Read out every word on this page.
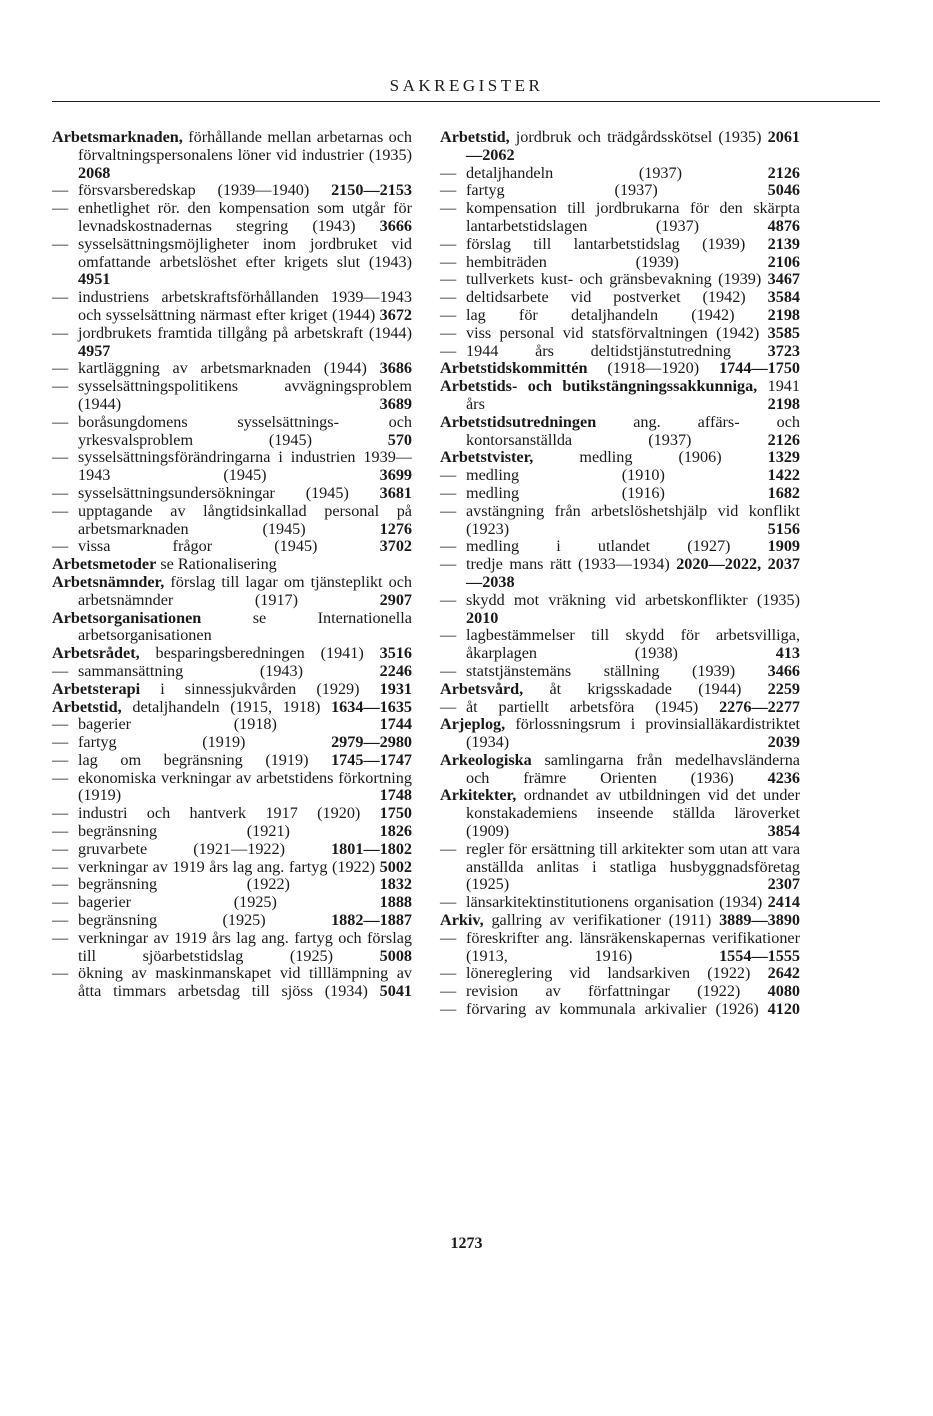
SAKREGISTER
Arbetsmarknaden, förhållande mellan arbetarnas och förvaltningspersonalens löner vid industrier (1935) 2068
— försvarsberedskap (1939—1940) 2150—2153
— enhetlighet rör. den kompensation som utgår för levnadskostnadernas stegring (1943) 3666
— sysselsättningsmöjligheter inom jordbruket vid omfattande arbetslöshet efter krigets slut (1943) 4951
— industriens arbetskraftsförhållanden 1939—1943 och sysselsättning närmast efter kriget (1944) 3672
— jordbrukets framtida tillgång på arbetskraft (1944) 4957
— kartläggning av arbetsmarknaden (1944) 3686
— sysselsättningspolitikens avvägningsproblem (1944)	3689
— boråsungdomens sysselsättnings- och yrkesvalsproblem (1945)	570
— sysselsättningsförändringarna i industrien 1939—1943 (1945)	3699
— sysselsättningsundersökningar (1945) 3681
— upptagande av långtidsinkallad personal på arbetsmarknaden (1945)	1276
— vissa frågor (1945)	3702
Arbetsmetoder se Rationalisering
Arbetsnämnder, förslag till lagar om tjänsteplikt och arbetsnämnder (1917)	2907
Arbetsorganisationen se Internationella arbetsorganisationen
Arbetsrådet, besparingsberedningen (1941) 3516
— sammansättning (1943)	2246
Arbetsterapi i sinnessjukvården (1929) 1931
Arbetstid, detaljhandeln (1915, 1918) 1634—1635
— bagerier (1918)	1744
— fartyg (1919)	2979—2980
— lag om begränsning (1919) 1745—1747
— ekonomiska verkningar av arbetstidens förkortning (1919)	1748
— industri och hantverk 1917 (1920) 1750
— begränsning (1921)	1826
— gruvarbete (1921—1922)	1801—1802
— verkningar av 1919 års lag ang. fartyg (1922) 5002
— begränsning (1922)	1832
— bagerier (1925)	1888
— begränsning (1925)	1882—1887
— verkningar av 1919 års lag ang. fartyg och förslag till sjöarbetstidslag (1925)	5008
— ökning av maskinmanskapet vid tilllämpning av åtta timmars arbetsdag till sjöss (1934) 5041
Arbetstid, jordbruk och trädgårdsskötsel (1935) 2061—2062
— detaljhandeln (1937)	2126
— fartyg (1937)	5046
— kompensation till jordbrukarna för den skärpta lantarbetstidslagen (1937)	4876
— förslag till lantarbetstidslag (1939) 2139
— hembiträden (1939)	2106
— tullverkets kust- och gränsbevakning (1939) 3467
— deltidsarbete vid postverket (1942) 3584
— lag för detaljhandeln (1942) 2198
— viss personal vid statsförvaltningen (1942) 3585
— 1944 års deltidstjänstutredning 3723
Arbetstidskommittén (1918—1920) 1744—1750
Arbetstids- och butikstängningssakkunniga, 1941 års	2198
Arbetstidsutredningen ang. affärs- och kontorsanställda (1937)	2126
Arbetstvister, medling (1906)	1329
— medling (1910)	1422
— medling (1916)	1682
— avstängning från arbetslöshetshjälp vid konflikt (1923)	5156
— medling i utlandet (1927) 1909
— tredje mans rätt (1933—1934) 2020—2022, 2037—2038
— skydd mot vräkning vid arbetskonflikter (1935) 2010
— lagbestämmelser till skydd för arbetsvilliga, åkarplagen (1938)	413
— statstjänstemäns ställning (1939) 3466
Arbetsvård, åt krigsskadade (1944) 2259
— åt partiellt arbetsföra (1945) 2276—2277
Arjeplog, förlossningsrum i provinsialläkardistriktet (1934)	2039
Arkeologiska samlingarna från medelhavsländerna och främre Orienten (1936) 4236
Arkitekter, ordnandet av utbildningen vid det under konstakademiens inseende ställda läroverket (1909)	3854
— regler för ersättning till arkitekter som utan att vara anställda anlitas i statliga husbyggnadsföretag (1925)	2307
— länsarkitektinstitutionens organisation (1934) 2414
Arkiv, gallring av verifikationer (1911) 3889—3890
— föreskrifter ang. länsräkenskapernas verifikationer (1913, 1916)	1554—1555
— lönereglering vid landsarkiven (1922) 2642
— revision av författningar (1922) 4080
— förvaring av kommunala arkivalier (1926) 4120
1273
